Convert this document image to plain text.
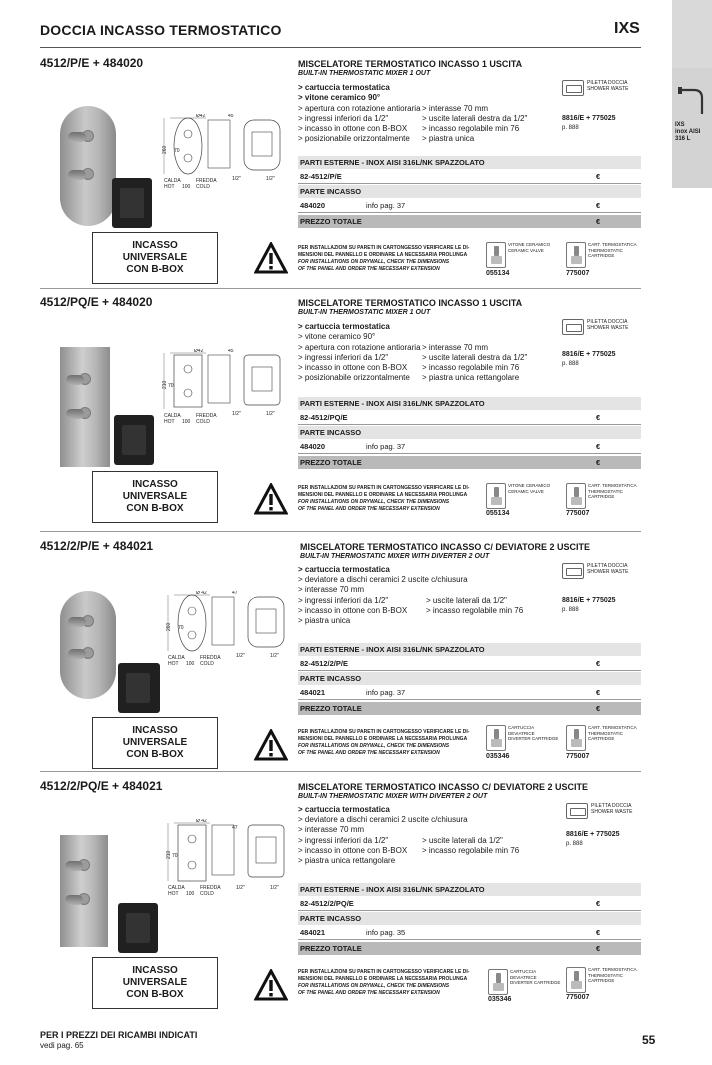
IXS
inox AISI
316 L
DOCCIA INCASSO TERMOSTATICO	IXS
4512/P/E + 484020
Ø42	45
260 70
CALDA
HOT 100
FREDDA
COLD
1/2"	1/2"
INCASSO
UNIVERSALE
CON B-BOX
MISCELATORE TERMOSTATICO INCASSO 1 USCITA
BUILT-IN THERMOSTATIC MIXER 1 OUT
> cartuccia termostatica
> vitone ceramico 90°
> apertura con rotazione antioraria
> ingressi inferiori da 1/2"
> incasso in ottone con B-BOX
> posizionabile orizzontalmente
> interasse 70 mm
> uscite laterali destra da 1/2"
> incasso regolabile min 76
> piastra unica
PILETTA DOCCIA
SHOWER WASTE
8816/E + 775025
p. 888
PARTI ESTERNE - INOX AISI 316L/NK SPAZZOLATO
82-4512/P/E	€
PARTE INCASSO
484020	info pag. 37	€
PREZZO TOTALE	€
PER INSTALLAZIONI SU PARETI IN CARTONGESSO VERIFICARE LE DI-
MENSIONI DEL PANNELLO E ORDINARE LA NECESSARIA PROLUNGA
FOR INSTALLATIONS ON DRYWALL, CHECK THE DIMENSIONS
OF THE PANEL AND ORDER THE NECESSARY EXTENSION
VITONE CERAMICO
CERAMIC VALVE
055134
CART. TERMOSTATICA
THERMOSTATIC
CARTRIDGE
775007
4512/PQ/E + 484020
Ø42	45
210 70
CALDA
HOT 100
FREDDA
COLD
1/2"	1/2"
INCASSO
UNIVERSALE
CON B-BOX
MISCELATORE TERMOSTATICO INCASSO 1 USCITA
BUILT-IN THERMOSTATIC MIXER 1 OUT
> cartuccia termostatica
> vitone ceramico 90°
> apertura con rotazione antioraria
> ingressi inferiori da 1/2"
> incasso in ottone con B-BOX
> posizionabile orizzontalmente
> interasse 70 mm
> uscite laterali destra da 1/2"
> incasso regolabile min 76
> piastra unica rettangolare
PILETTA DOCCIA
SHOWER WASTE
8816/E + 775025
p. 888
PARTI ESTERNE - INOX AISI 316L/NK SPAZZOLATO
82-4512/PQ/E	€
PARTE INCASSO
484020	info pag. 37	€
PREZZO TOTALE	€
PER INSTALLAZIONI SU PARETI IN CARTONGESSO VERIFICARE LE DI-
MENSIONI DEL PANNELLO E ORDINARE LA NECESSARIA PROLUNGA
FOR INSTALLATIONS ON DRYWALL, CHECK THE DIMENSIONS
OF THE PANEL AND ORDER THE NECESSARY EXTENSION
VITONE CERAMICO
CERAMIC VALVE
055134
CART. TERMOSTATICA
THERMOSTATIC
CARTRIDGE
775007
4512/2/P/E + 484021
Ø 42	47
260 70
CALDA
HOT 100
FREDDA
COLD
1/2"	1/2"
INCASSO
UNIVERSALE
CON B-BOX
MISCELATORE TERMOSTATICO INCASSO C/ DEVIATORE 2 USCITE
BUILT-IN THERMOSTATIC MIXER WITH DIVERTER 2 OUT
> cartuccia termostatica
> deviatore a dischi ceramici 2 uscite c/chiusura
> interasse 70 mm
> ingressi inferiori da 1/2"
> incasso in ottone con B-BOX
> piastra unica
> uscite laterali da 1/2"
> incasso regolabile min 76
PILETTA DOCCIA
SHOWER WASTE
8816/E + 775025
p. 888
PARTI ESTERNE - INOX AISI 316L/NK SPAZZOLATO
82-4512/2/P/E	€
PARTE INCASSO
484021	info pag. 37	€
PREZZO TOTALE	€
PER INSTALLAZIONI SU PARETI IN CARTONGESSO VERIFICARE LE DI-
MENSIONI DEL PANNELLO E ORDINARE LA NECESSARIA PROLUNGA
FOR INSTALLATIONS ON DRYWALL, CHECK THE DIMENSIONS
OF THE PANEL AND ORDER THE NECESSARY EXTENSION
CARTUCCIA
DEVIATRICE
DIVERTER CARTRIDGE
035346
CART. TERMOSTATICA
THERMOSTATIC
CARTRIDGE
775007
4512/2/PQ/E + 484021
Ø 42
47
210 70
CALDA
HOT 100
FREDDA
COLD
1/2"	1/2"
INCASSO
UNIVERSALE
CON B-BOX
MISCELATORE TERMOSTATICO INCASSO C/ DEVIATORE 2 USCITE
BUILT-IN THERMOSTATIC MIXER WITH DIVERTER 2 OUT
> cartuccia termostatica
> deviatore a dischi ceramici 2 uscite c/chiusura
> interasse 70 mm
> ingressi inferiori da 1/2"
> incasso in ottone con B-BOX
> piastra unica rettangolare
> uscite laterali da 1/2"
> incasso regolabile min 76
PILETTA DOCCIA
SHOWER WASTE
8816/E + 775025
p. 888
PARTI ESTERNE - INOX AISI 316L/NK SPAZZOLATO
82-4512/2/PQ/E	€
PARTE INCASSO
484021	info pag. 35	€
PREZZO TOTALE	€
PER INSTALLAZIONI SU PARETI IN CARTONGESSO VERIFICARE LE DI-
MENSIONI DEL PANNELLO E ORDINARE LA NECESSARIA PROLUNGA
FOR INSTALLATIONS ON DRYWALL, CHECK THE DIMENSIONS
OF THE PANEL AND ORDER THE NECESSARY EXTENSION
CARTUCCIA
DEVIATRICE
DIVERTER CARTRIDGE
035346
CART. TERMOSTATICA
THERMOSTATIC
CARTRIDGE
775007
PER I PREZZI DEI RICAMBI INDICATI
vedi pag. 65	55
